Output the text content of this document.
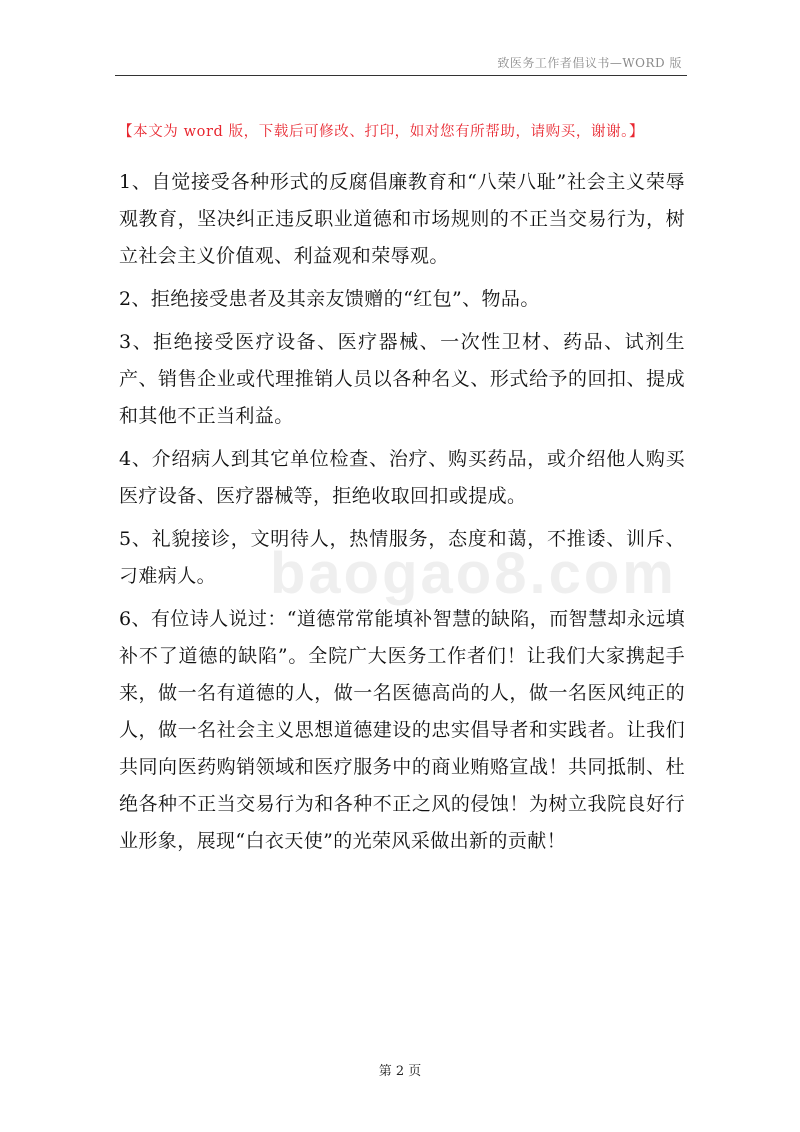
致医务工作者倡议书—WORD 版
【本文为 word 版，下载后可修改、打印，如对您有所帮助，请购买，谢谢。】
baogao8.com

1、自觉接受各种形式的反腐倡廉教育和“八荣八耻”社会主义荣辱观教育，坚决纠正违反职业道德和市场规则的不正当交易行为，树立社会主义价值观、利益观和荣辱观。

2、拒绝接受患者及其亲友馈赠的“红包”、物品。

3、拒绝接受医疗设备、医疗器械、一次性卫材、药品、试剂生产、销售企业或代理推销人员以各种名义、形式给予的回扣、提成和其他不正当利益。

4、介绍病人到其它单位检查、治疗、购买药品，或介绍他人购买医疗设备、医疗器械等，拒绝收取回扣或提成。

5、礼貌接诊，文明待人，热情服务，态度和蔼，不推诿、训斥、刁难病人。

6、有位诗人说过：“道德常常能填补智慧的缺陷，而智慧却永远填补不了道德的缺陷”。全院广大医务工作者们！让我们大家携起手来，做一名有道德的人，做一名医德高尚的人，做一名医风纯正的人，做一名社会主义思想道德建设的忠实倡导者和实践者。让我们共同向医药购销领域和医疗服务中的商业贿赂宣战！共同抵制、杜绝各种不正当交易行为和各种不正之风的侵蚀！为树立我院良好行业形象，展现“白衣天使”的光荣风采做出新的贡献！

第 2 页
